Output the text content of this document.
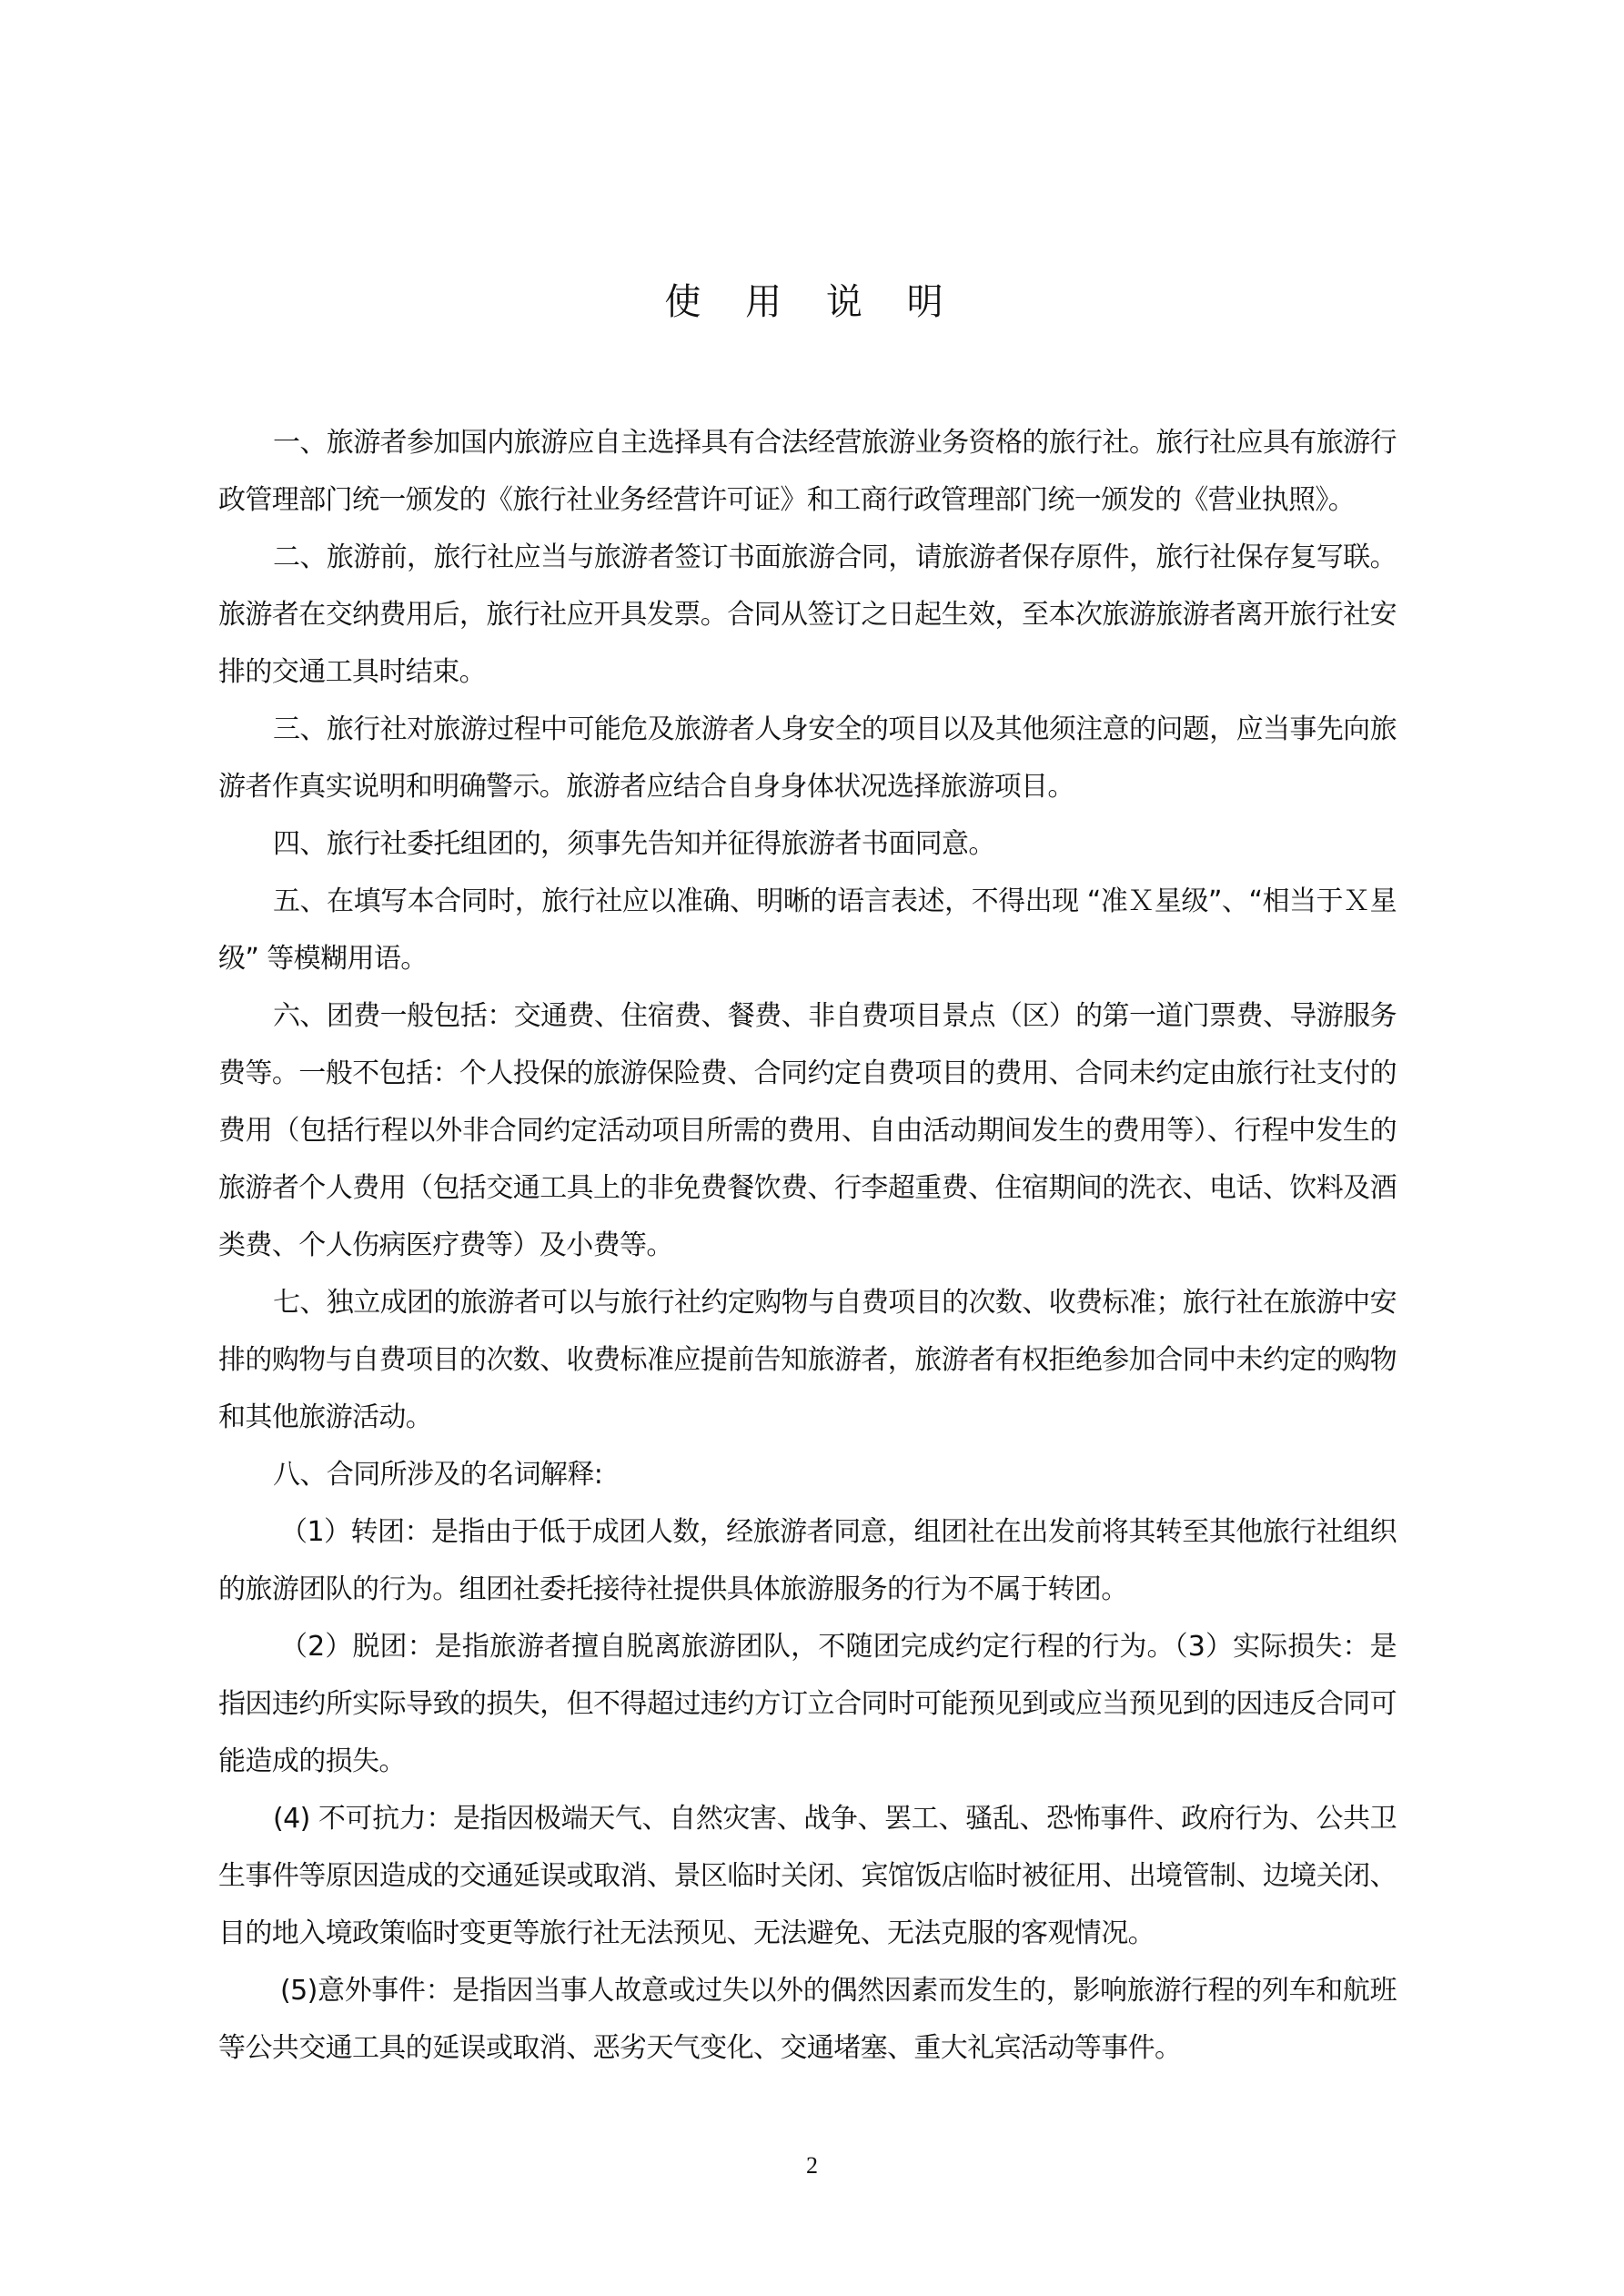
使 用 说 明

一、旅游者参加国内旅游应自主选择具有合法经营旅游业务资格的旅行社。旅行社应具有旅游行政管理部门统一颁发的《旅行社业务经营许可证》和工商行政管理部门统一颁发的《营业执照》。

二、旅游前，旅行社应当与旅游者签订书面旅游合同，请旅游者保存原件，旅行社保存复写联。旅游者在交纳费用后，旅行社应开具发票。合同从签订之日起生效，至本次旅游旅游者离开旅行社安排的交通工具时结束。

三、旅行社对旅游过程中可能危及旅游者人身安全的项目以及其他须注意的问题，应当事先向旅游者作真实说明和明确警示。旅游者应结合自身身体状况选择旅游项目。

四、旅行社委托组团的，须事先告知并征得旅游者书面同意。

五、在填写本合同时，旅行社应以准确、明晰的语言表述，不得出现 “准Ｘ星级”、“相当于Ｘ星级” 等模糊用语。

六、团费一般包括：交通费、住宿费、餐费、非自费项目景点（区）的第一道门票费、导游服务费等。一般不包括：个人投保的旅游保险费、合同约定自费项目的费用、合同未约定由旅行社支付的费用（包括行程以外非合同约定活动项目所需的费用、自由活动期间发生的费用等）、行程中发生的旅游者个人费用（包括交通工具上的非免费餐饮费、行李超重费、住宿期间的洗衣、电话、饮料及酒类费、个人伤病医疗费等）及小费等。

七、独立成团的旅游者可以与旅行社约定购物与自费项目的次数、收费标准；旅行社在旅游中安排的购物与自费项目的次数、收费标准应提前告知旅游者，旅游者有权拒绝参加合同中未约定的购物和其他旅游活动。

八、合同所涉及的名词解释:

（1）转团：是指由于低于成团人数，经旅游者同意，组团社在出发前将其转至其他旅行社组织的旅游团队的行为。组团社委托接待社提供具体旅游服务的行为不属于转团。

（2）脱团：是指旅游者擅自脱离旅游团队，不随团完成约定行程的行为。（3）实际损失：是指因违约所实际导致的损失，但不得超过违约方订立合同时可能预见到或应当预见到的因违反合同可能造成的损失。

(4) 不可抗力：是指因极端天气、自然灾害、战争、罢工、骚乱、恐怖事件、政府行为、公共卫生事件等原因造成的交通延误或取消、景区临时关闭、宾馆饭店临时被征用、出境管制、边境关闭、目的地入境政策临时变更等旅行社无法预见、无法避免、无法克服的客观情况。

(5)意外事件：是指因当事人故意或过失以外的偶然因素而发生的，影响旅游行程的列车和航班等公共交通工具的延误或取消、恶劣天气变化、交通堵塞、重大礼宾活动等事件。

2
